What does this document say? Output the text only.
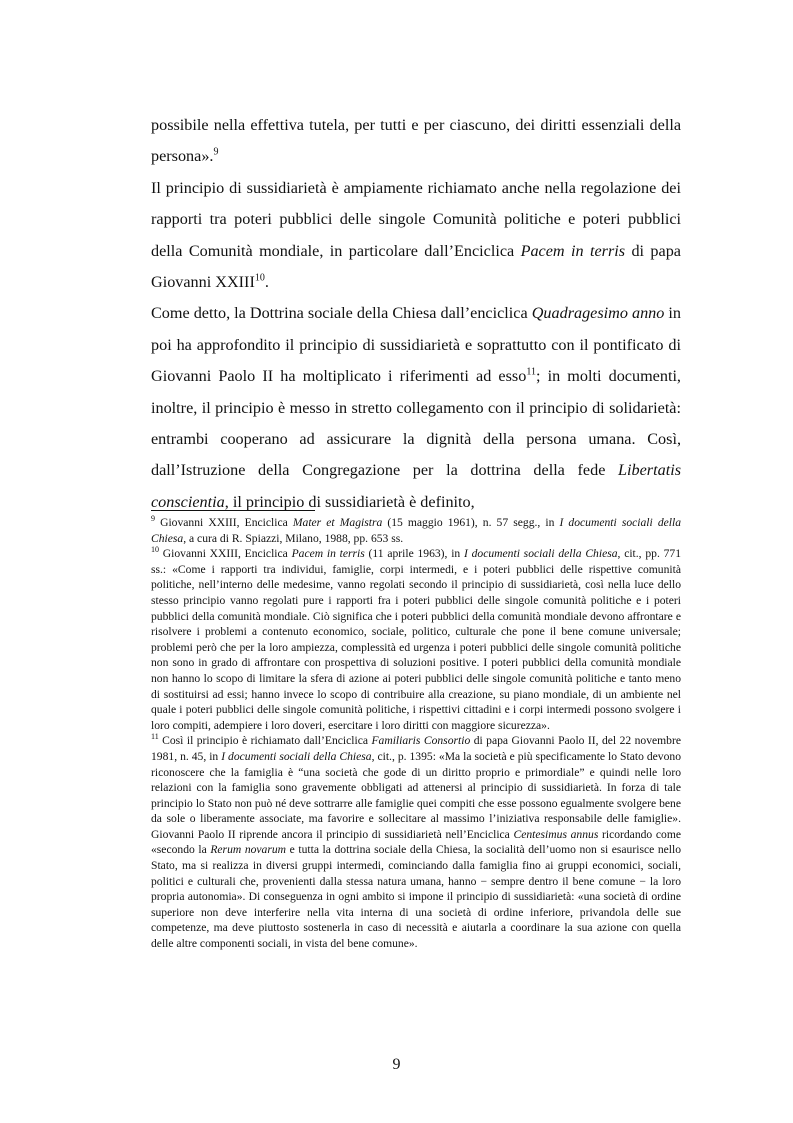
possibile nella effettiva tutela, per tutti e per ciascuno, dei diritti essenziali della persona».$^9$

Il principio di sussidiarietà è ampiamente richiamato anche nella regolazione dei rapporti tra poteri pubblici delle singole Comunità politiche e poteri pubblici della Comunità mondiale, in particolare dall’Enciclica Pacem in terris di papa Giovanni XXIII$^{10}$.

Come detto, la Dottrina sociale della Chiesa dall’enciclica Quadragesimo anno in poi ha approfondito il principio di sussidiarietà e soprattutto con il pontificato di Giovanni Paolo II ha moltiplicato i riferimenti ad esso$^{11}$; in molti documenti, inoltre, il principio è messo in stretto collegamento con il principio di solidarietà: entrambi cooperano ad assicurare la dignità della persona umana. Così, dall’Istruzione della Congregazione per la dottrina della fede Libertatis conscientia, il principio di sussidiarietà è definito,

$^9$ Giovanni XXIII, Enciclica Mater et Magistra (15 maggio 1961), n. 57 segg., in I documenti sociali della Chiesa, a cura di R. Spiazzi, Milano, 1988, pp. 653 ss.

$^{10}$ Giovanni XXIII, Enciclica Pacem in terris (11 aprile 1963), in I documenti sociali della Chiesa, cit., pp. 771 ss.: «Come i rapporti tra individui, famiglie, corpi intermedi, e i poteri pubblici delle rispettive comunità politiche, nell’interno delle medesime, vanno regolati secondo il principio di sussidiarietà, così nella luce dello stesso principio vanno regolati pure i rapporti fra i poteri pubblici delle singole comunità politiche e i poteri pubblici della comunità mondiale. Ciò significa che i poteri pubblici della comunità mondiale devono affrontare e risolvere i problemi a contenuto economico, sociale, politico, culturale che pone il bene comune universale; problemi però che per la loro ampiezza, complessità ed urgenza i poteri pubblici delle singole comunità politiche non sono in grado di affrontare con prospettiva di soluzioni positive. I poteri pubblici della comunità mondiale non hanno lo scopo di limitare la sfera di azione ai poteri pubblici delle singole comunità politiche e tanto meno di sostituirsi ad essi; hanno invece lo scopo di contribuire alla creazione, su piano mondiale, di un ambiente nel quale i poteri pubblici delle singole comunità politiche, i rispettivi cittadini e i corpi intermedi possono svolgere i loro compiti, adempiere i loro doveri, esercitare i loro diritti con maggiore sicurezza».

$^{11}$ Così il principio è richiamato dall’Enciclica Familiaris Consortio di papa Giovanni Paolo II, del 22 novembre 1981, n. 45, in I documenti sociali della Chiesa, cit., p. 1395: «Ma la società e più specificamente lo Stato devono riconoscere che la famiglia è “una società che gode di un diritto proprio e primordiale” e quindi nelle loro relazioni con la famiglia sono gravemente obbligati ad attenersi al principio di sussidiarietà. In forza di tale principio lo Stato non può né deve sottrarre alle famiglie quei compiti che esse possono egualmente svolgere bene da sole o liberamente associate, ma favorire e sollecitare al massimo l’iniziativa responsabile delle famiglie». Giovanni Paolo II riprende ancora il principio di sussidiarietà nell’Enciclica Centesimus annus ricordando come «secondo la Rerum novarum e tutta la dottrina sociale della Chiesa, la socialità dell’uomo non si esaurisce nello Stato, ma si realizza in diversi gruppi intermedi, cominciando dalla famiglia fino ai gruppi economici, sociali, politici e culturali che, provenienti dalla stessa natura umana, hanno − sempre dentro il bene comune − la loro propria autonomia». Di conseguenza in ogni ambito si impone il principio di sussidiarietà: «una società di ordine superiore non deve interferire nella vita interna di una società di ordine inferiore, privandola delle sue competenze, ma deve piuttosto sostenerla in caso di necessità e aiutarla a coordinare la sua azione con quella delle altre componenti sociali, in vista del bene comune».

9
